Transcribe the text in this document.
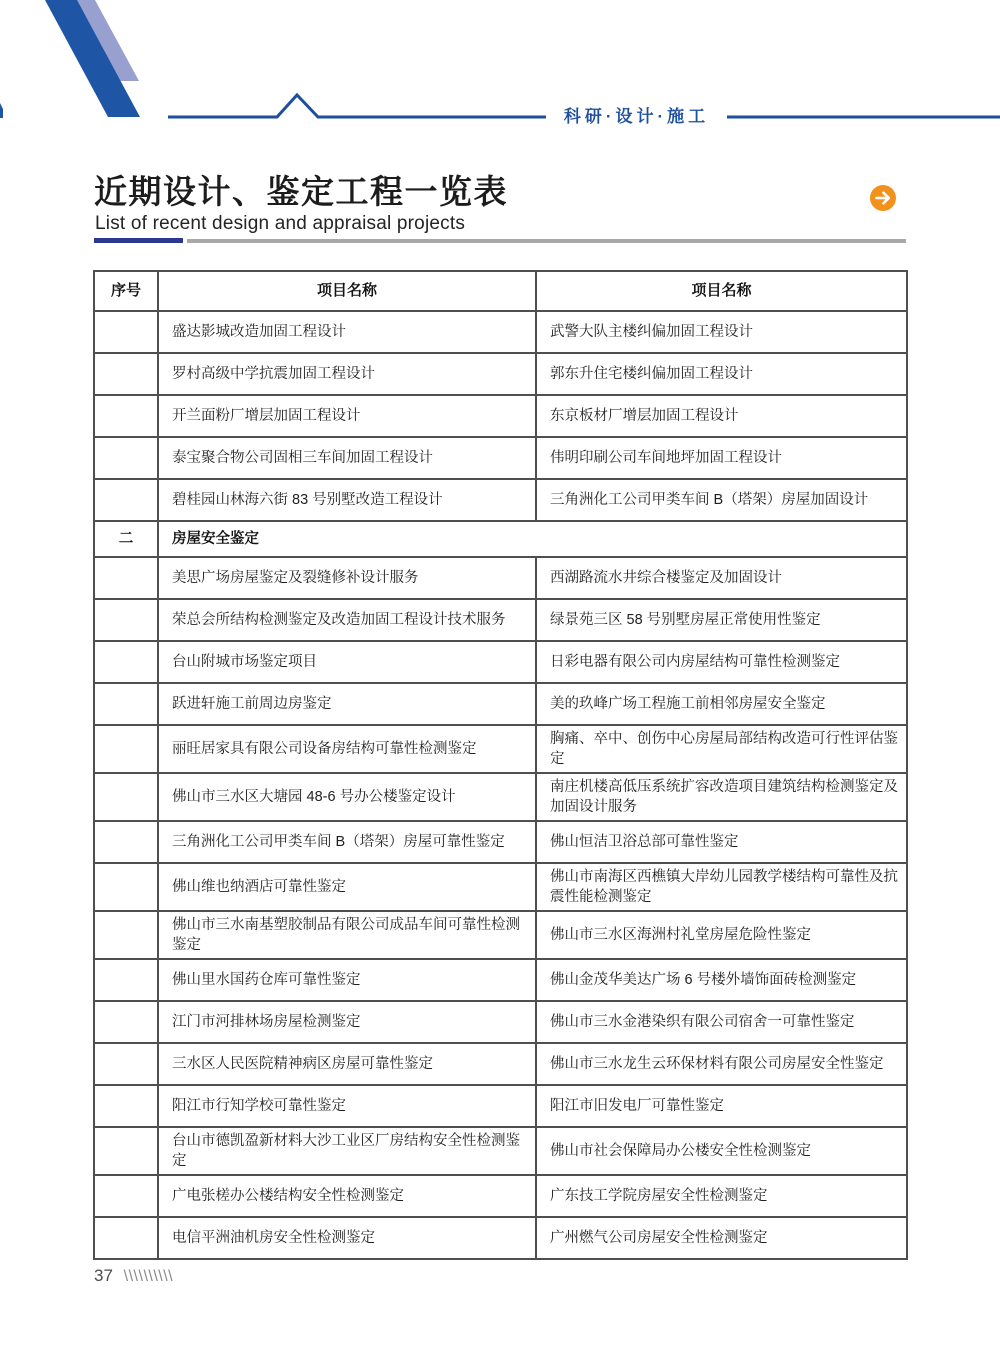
科研·设计·施工
近期设计、鉴定工程一览表
List of recent design and appraisal projects
序号	项目名称	项目名称
	盛达影城改造加固工程设计	武警大队主楼纠偏加固工程设计
	罗村高级中学抗震加固工程设计	郭东升住宅楼纠偏加固工程设计
	开兰面粉厂增层加固工程设计	东京板材厂增层加固工程设计
	泰宝聚合物公司固相三车间加固工程设计	伟明印刷公司车间地坪加固工程设计
	碧桂园山林海六街 83 号别墅改造工程设计	三角洲化工公司甲类车间 B（塔架）房屋加固设计
二	房屋安全鉴定	
	美思广场房屋鉴定及裂缝修补设计服务	西湖路流水井综合楼鉴定及加固设计
	荣总会所结构检测鉴定及改造加固工程设计技术服务	绿景苑三区 58 号别墅房屋正常使用性鉴定
	台山附城市场鉴定项目	日彩电器有限公司内房屋结构可靠性检测鉴定
	跃进轩施工前周边房鉴定	美的玖峰广场工程施工前相邻房屋安全鉴定
	丽旺居家具有限公司设备房结构可靠性检测鉴定	胸痛、卒中、创伤中心房屋局部结构改造可行性评估鉴定
	佛山市三水区大塘园 48-6 号办公楼鉴定设计	南庄机楼高低压系统扩容改造项目建筑结构检测鉴定及加固设计服务
	三角洲化工公司甲类车间 B（塔架）房屋可靠性鉴定	佛山恒洁卫浴总部可靠性鉴定
	佛山维也纳酒店可靠性鉴定	佛山市南海区西樵镇大岸幼儿园教学楼结构可靠性及抗震性能检测鉴定
	佛山市三水南基塑胶制品有限公司成品车间可靠性检测鉴定	佛山市三水区海洲村礼堂房屋危险性鉴定
	佛山里水国药仓库可靠性鉴定	佛山金茂华美达广场 6 号楼外墙饰面砖检测鉴定
	江门市河排林场房屋检测鉴定	佛山市三水金港染织有限公司宿舍一可靠性鉴定
	三水区人民医院精神病区房屋可靠性鉴定	佛山市三水龙生云环保材料有限公司房屋安全性鉴定
	阳江市行知学校可靠性鉴定	阳江市旧发电厂可靠性鉴定
	台山市德凯盈新材料大沙工业区厂房结构安全性检测鉴定	佛山市社会保障局办公楼安全性检测鉴定
	广电张槎办公楼结构安全性检测鉴定	广东技工学院房屋安全性检测鉴定
	电信平洲油机房安全性检测鉴定	广州燃气公司房屋安全性检测鉴定
37 \\\\\\\\\\
